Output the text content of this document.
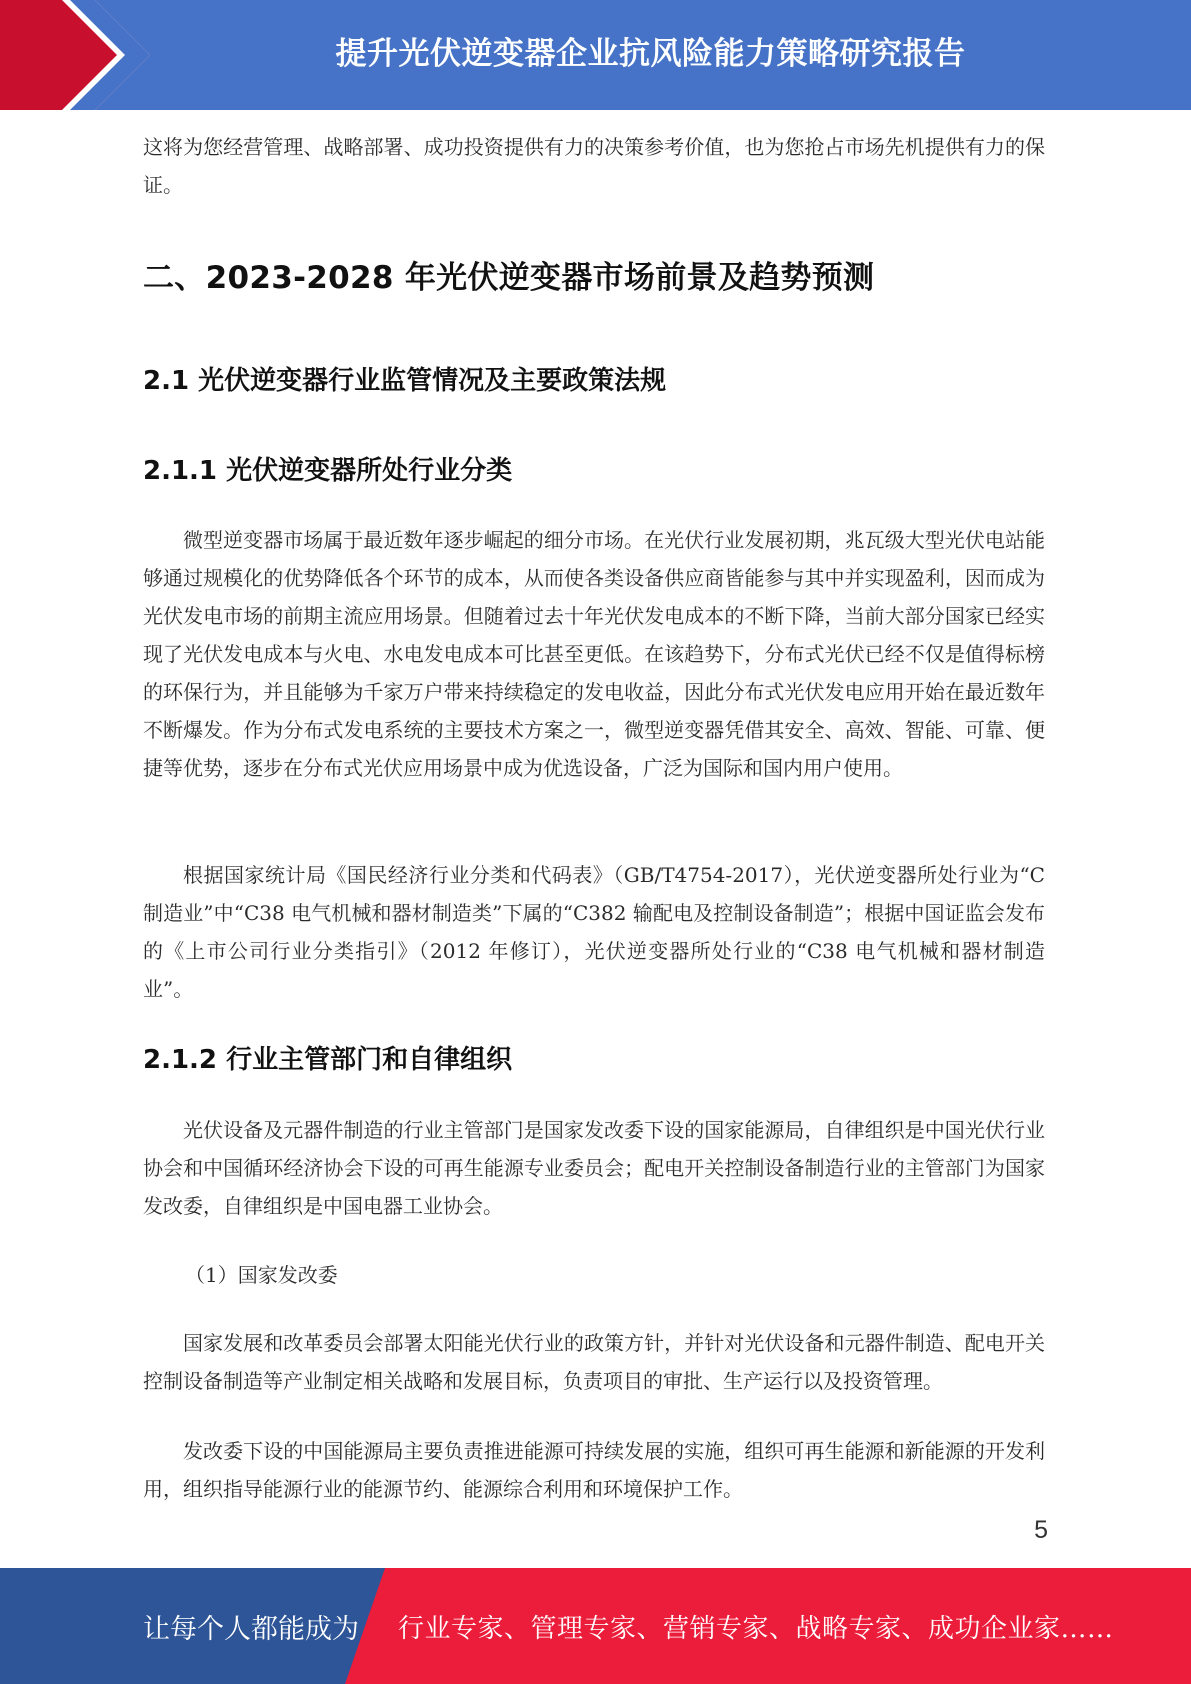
提升光伏逆变器企业抗风险能力策略研究报告

这将为您经营管理、战略部署、成功投资提供有力的决策参考价值，也为您抢占市场先机提供有力的保证。

二、2023-2028 年光伏逆变器市场前景及趋势预测
2.1 光伏逆变器行业监管情况及主要政策法规
2.1.1 光伏逆变器所处行业分类

微型逆变器市场属于最近数年逐步崛起的细分市场。在光伏行业发展初期，兆瓦级大型光伏电站能够通过规模化的优势降低各个环节的成本，从而使各类设备供应商皆能参与其中并实现盈利，因而成为光伏发电市场的前期主流应用场景。但随着过去十年光伏发电成本的不断下降，当前大部分国家已经实现了光伏发电成本与火电、水电发电成本可比甚至更低。在该趋势下，分布式光伏已经不仅是值得标榜的环保行为，并且能够为千家万户带来持续稳定的发电收益，因此分布式光伏发电应用开始在最近数年不断爆发。作为分布式发电系统的主要技术方案之一，微型逆变器凭借其安全、高效、智能、可靠、便捷等优势，逐步在分布式光伏应用场景中成为优选设备，广泛为国际和国内用户使用。

根据国家统计局《国民经济行业分类和代码表》（GB/T4754-2017），光伏逆变器所处行业为“C 制造业”中“C38 电气机械和器材制造类”下属的“C382 输配电及控制设备制造”；根据中国证监会发布的《上市公司行业分类指引》（2012 年修订），光伏逆变器所处行业的“C38 电气机械和器材制造业”。

2.1.2 行业主管部门和自律组织

光伏设备及元器件制造的行业主管部门是国家发改委下设的国家能源局，自律组织是中国光伏行业协会和中国循环经济协会下设的可再生能源专业委员会；配电开关控制设备制造行业的主管部门为国家发改委，自律组织是中国电器工业协会。

（1）国家发改委

国家发展和改革委员会部署太阳能光伏行业的政策方针，并针对光伏设备和元器件制造、配电开关控制设备制造等产业制定相关战略和发展目标，负责项目的审批、生产运行以及投资管理。

发改委下设的中国能源局主要负责推进能源可持续发展的实施，组织可再生能源和新能源的开发利用，组织指导能源行业的能源节约、能源综合利用和环境保护工作。

5
让每个人都能成为 行业专家、管理专家、营销专家、战略专家、成功企业家……
